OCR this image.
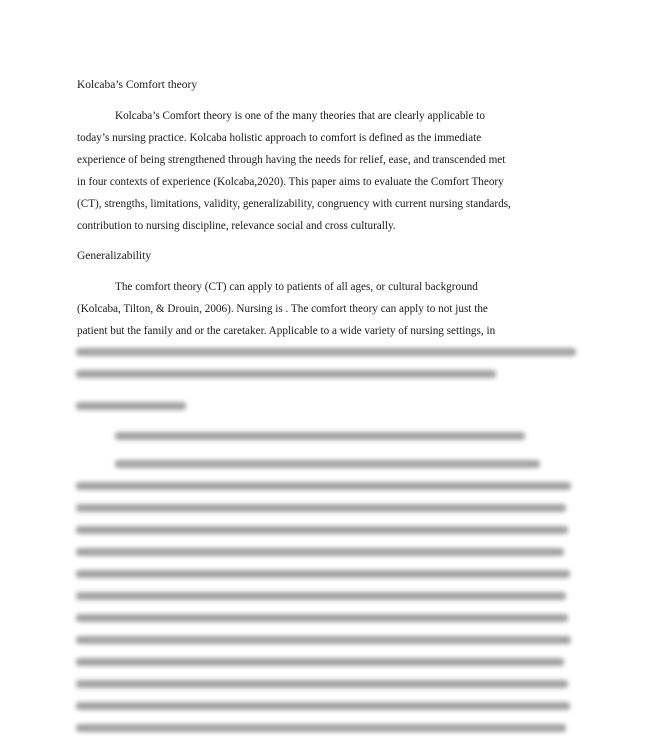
Kolcaba’s Comfort theory
Kolcaba’s Comfort theory is one of the many theories that are clearly applicable to
today’s nursing practice. Kolcaba holistic approach to comfort is defined as the immediate
experience of being strengthened through having the needs for relief, ease, and transcended met
in four contexts of experience (Kolcaba,2020). This paper aims to evaluate the Comfort Theory
(CT), strengths, limitations, validity, generalizability, congruency with current nursing standards,
contribution to nursing discipline, relevance social and cross culturally.
Generalizability
The comfort theory (CT) can apply to patients of all ages, or cultural background
(Kolcaba, Tilton, & Drouin, 2006). Nursing is . The comfort theory can apply to not just the
patient but the family and or the caretaker. Applicable to a wide variety of nursing settings, in
